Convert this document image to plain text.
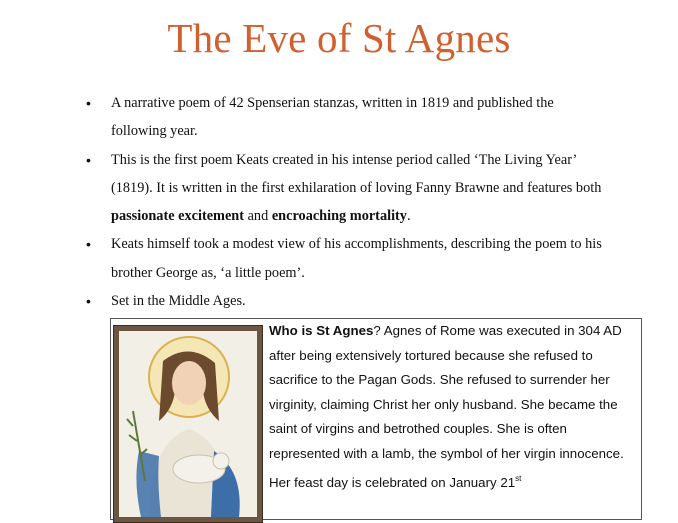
The Eve of St Agnes
• A narrative poem of 42 Spenserian stanzas, written in 1819 and published the
following year.
• This is the first poem Keats created in his intense period called ‘The Living Year’
(1819). It is written in the first exhilaration of loving Fanny Brawne and features both
passionate excitement and encroaching mortality.
• Keats himself took a modest view of his accomplishments, describing the poem to his
brother George as, ‘a little poem’.
• Set in the Middle Ages.
Who is St Agnes? Agnes of Rome was executed in 304 AD after being extensively tortured because she refused to sacrifice to the Pagan Gods. She refused to surrender her virginity, claiming Christ her only husband. She became the saint of virgins and betrothed couples. She is often represented with a lamb, the symbol of her virgin innocence.
Her feast day is celebrated on January 21st
